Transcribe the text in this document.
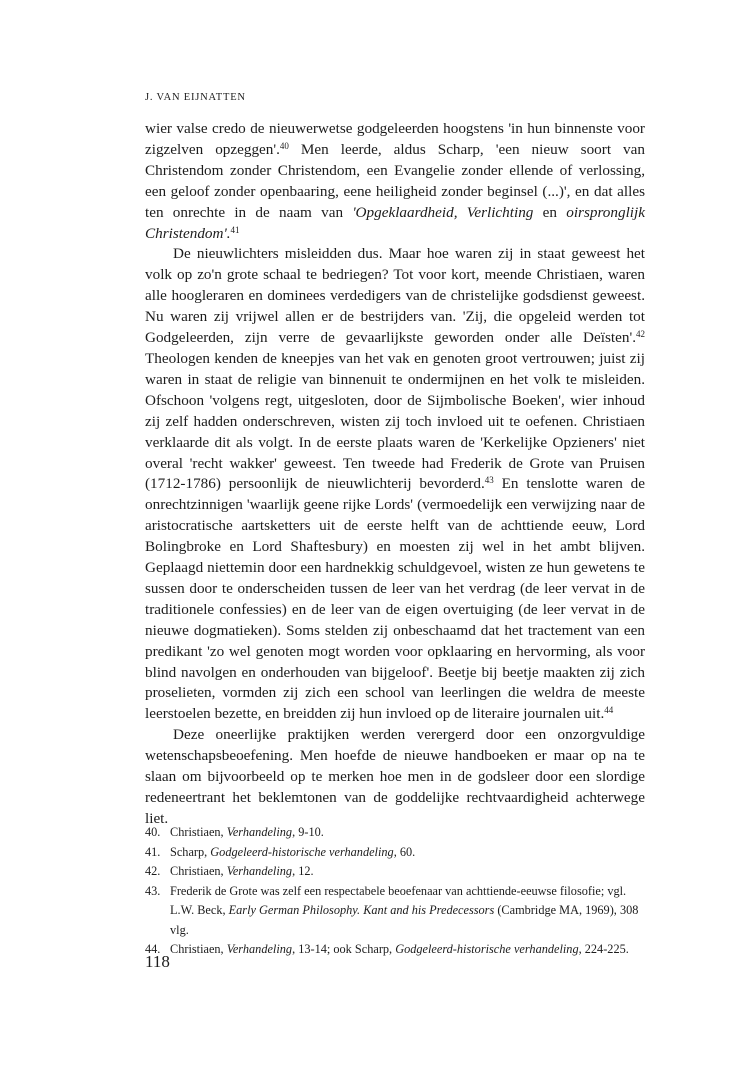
J. VAN EIJNATTEN

wier valse credo de nieuwerwetse godgeleerden hoogstens 'in hun binnenste voor zigzelven opzeggen'.$^{40}$ Men leerde, aldus Scharp, 'een nieuw soort van Christendom zonder Christendom, een Evangelie zonder ellende of verlossing, een geloof zonder openbaaring, eene heiligheid zonder beginsel (...)', en dat alles ten onrechte in de naam van 'Opgeklaardheid, Verlichting en oirspronglijk Christendom'.$^{41}$

De nieuwlichters misleidden dus. Maar hoe waren zij in staat geweest het volk op zo'n grote schaal te bedriegen? Tot voor kort, meende Christiaen, waren alle hoogleraren en dominees verdedigers van de christelijke godsdienst geweest. Nu waren zij vrijwel allen er de bestrijders van. 'Zij, die opgeleid werden tot Godgeleerden, zijn verre de gevaarlijkste geworden onder alle Deïsten'.$^{42}$ Theologen kenden de kneepjes van het vak en genoten groot vertrouwen; juist zij waren in staat de religie van binnenuit te ondermijnen en het volk te misleiden. Ofschoon 'volgens regt, uitgesloten, door de Sijmbolische Boeken', wier inhoud zij zelf hadden onderschreven, wisten zij toch invloed uit te oefenen. Christiaen verklaarde dit als volgt. In de eerste plaats waren de 'Kerkelijke Opzieners' niet overal 'recht wakker' geweest. Ten tweede had Frederik de Grote van Pruisen (1712-1786) persoonlijk de nieuwlichterij bevorderd.$^{43}$ En tenslotte waren de onrechtzinnigen 'waarlijk geene rijke Lords' (vermoedelijk een verwijzing naar de aristocratische aartsketters uit de eerste helft van de achttiende eeuw, Lord Bolingbroke en Lord Shaftesbury) en moesten zij wel in het ambt blijven. Geplaagd niettemin door een hardnekkig schuldgevoel, wisten ze hun gewetens te sussen door te onderscheiden tussen de leer van het verdrag (de leer vervat in de traditionele confessies) en de leer van de eigen overtuiging (de leer vervat in de nieuwe dogmatieken). Soms stelden zij onbeschaamd dat het tractement van een predikant 'zo wel genoten mogt worden voor opklaaring en hervorming, als voor blind navolgen en onderhouden van bijgeloof'. Beetje bij beetje maakten zij zich proselieten, vormden zij zich een school van leerlingen die weldra de meeste leerstoelen bezette, en breidden zij hun invloed op de literaire journalen uit.$^{44}$

Deze oneerlijke praktijken werden verergerd door een onzorgvuldige wetenschapsbeoefening. Men hoefde de nieuwe handboeken er maar op na te slaan om bijvoorbeeld op te merken hoe men in de godsleer door een slordige redeneertrant het beklemtonen van de goddelijke rechtvaardigheid achterwege liet.

40. Christiaen, Verhandeling, 9-10.
41. Scharp, Godgeleerd-historische verhandeling, 60.
42. Christiaen, Verhandeling, 12.
43. Frederik de Grote was zelf een respectabele beoefenaar van achttiende-eeuwse filosofie; vgl. L.W. Beck, Early German Philosophy. Kant and his Predecessors (Cambridge MA, 1969), 308 vlg.
44. Christiaen, Verhandeling, 13-14; ook Scharp, Godgeleerd-historische verhandeling, 224-225.
118
